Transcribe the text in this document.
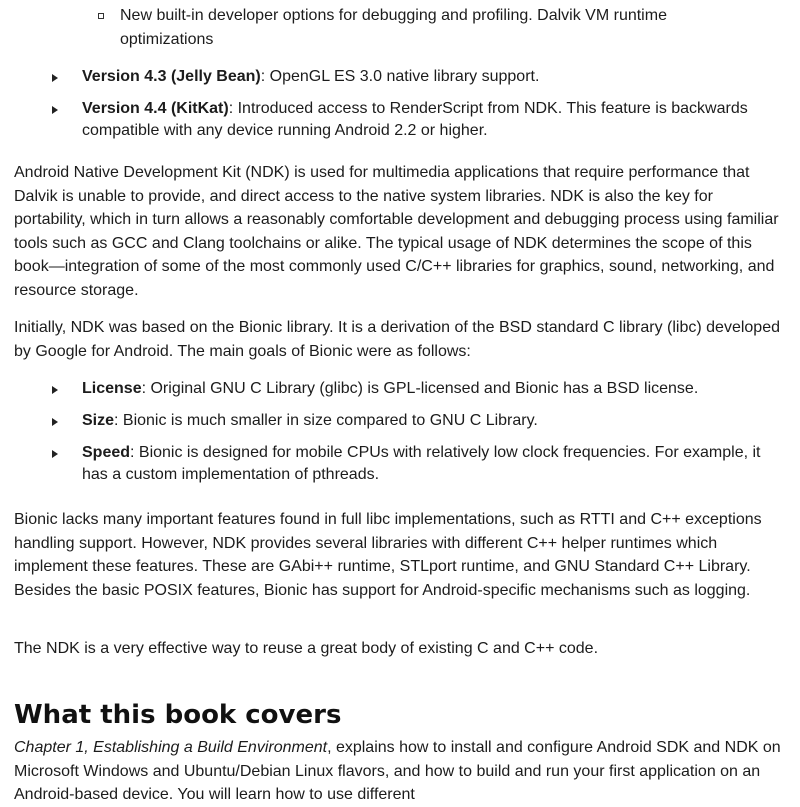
New built-in developer options for debugging and profiling. Dalvik VM runtime optimizations
Version 4.3 (Jelly Bean): OpenGL ES 3.0 native library support.
Version 4.4 (KitKat): Introduced access to RenderScript from NDK. This feature is backwards compatible with any device running Android 2.2 or higher.

Android Native Development Kit (NDK) is used for multimedia applications that require performance that Dalvik is unable to provide, and direct access to the native system libraries. NDK is also the key for portability, which in turn allows a reasonably comfortable development and debugging process using familiar tools such as GCC and Clang toolchains or alike. The typical usage of NDK determines the scope of this book—integration of some of the most commonly used C/C++ libraries for graphics, sound, networking, and resource storage.

Initially, NDK was based on the Bionic library. It is a derivation of the BSD standard C library (libc) developed by Google for Android. The main goals of Bionic were as follows:

License: Original GNU C Library (glibc) is GPL-licensed and Bionic has a BSD license.
Size: Bionic is much smaller in size compared to GNU C Library.
Speed: Bionic is designed for mobile CPUs with relatively low clock frequencies. For example, it has a custom implementation of pthreads.

Bionic lacks many important features found in full libc implementations, such as RTTI and C++ exceptions handling support. However, NDK provides several libraries with different C++ helper runtimes which implement these features. These are GAbi++ runtime, STLport runtime, and GNU Standard C++ Library. Besides the basic POSIX features, Bionic has support for Android-specific mechanisms such as logging.

The NDK is a very effective way to reuse a great body of existing C and C++ code.

What this book covers

Chapter 1, Establishing a Build Environment, explains how to install and configure Android SDK and NDK on Microsoft Windows and Ubuntu/Debian Linux flavors, and how to build and run your first application on an Android-based device. You will learn how to use different
